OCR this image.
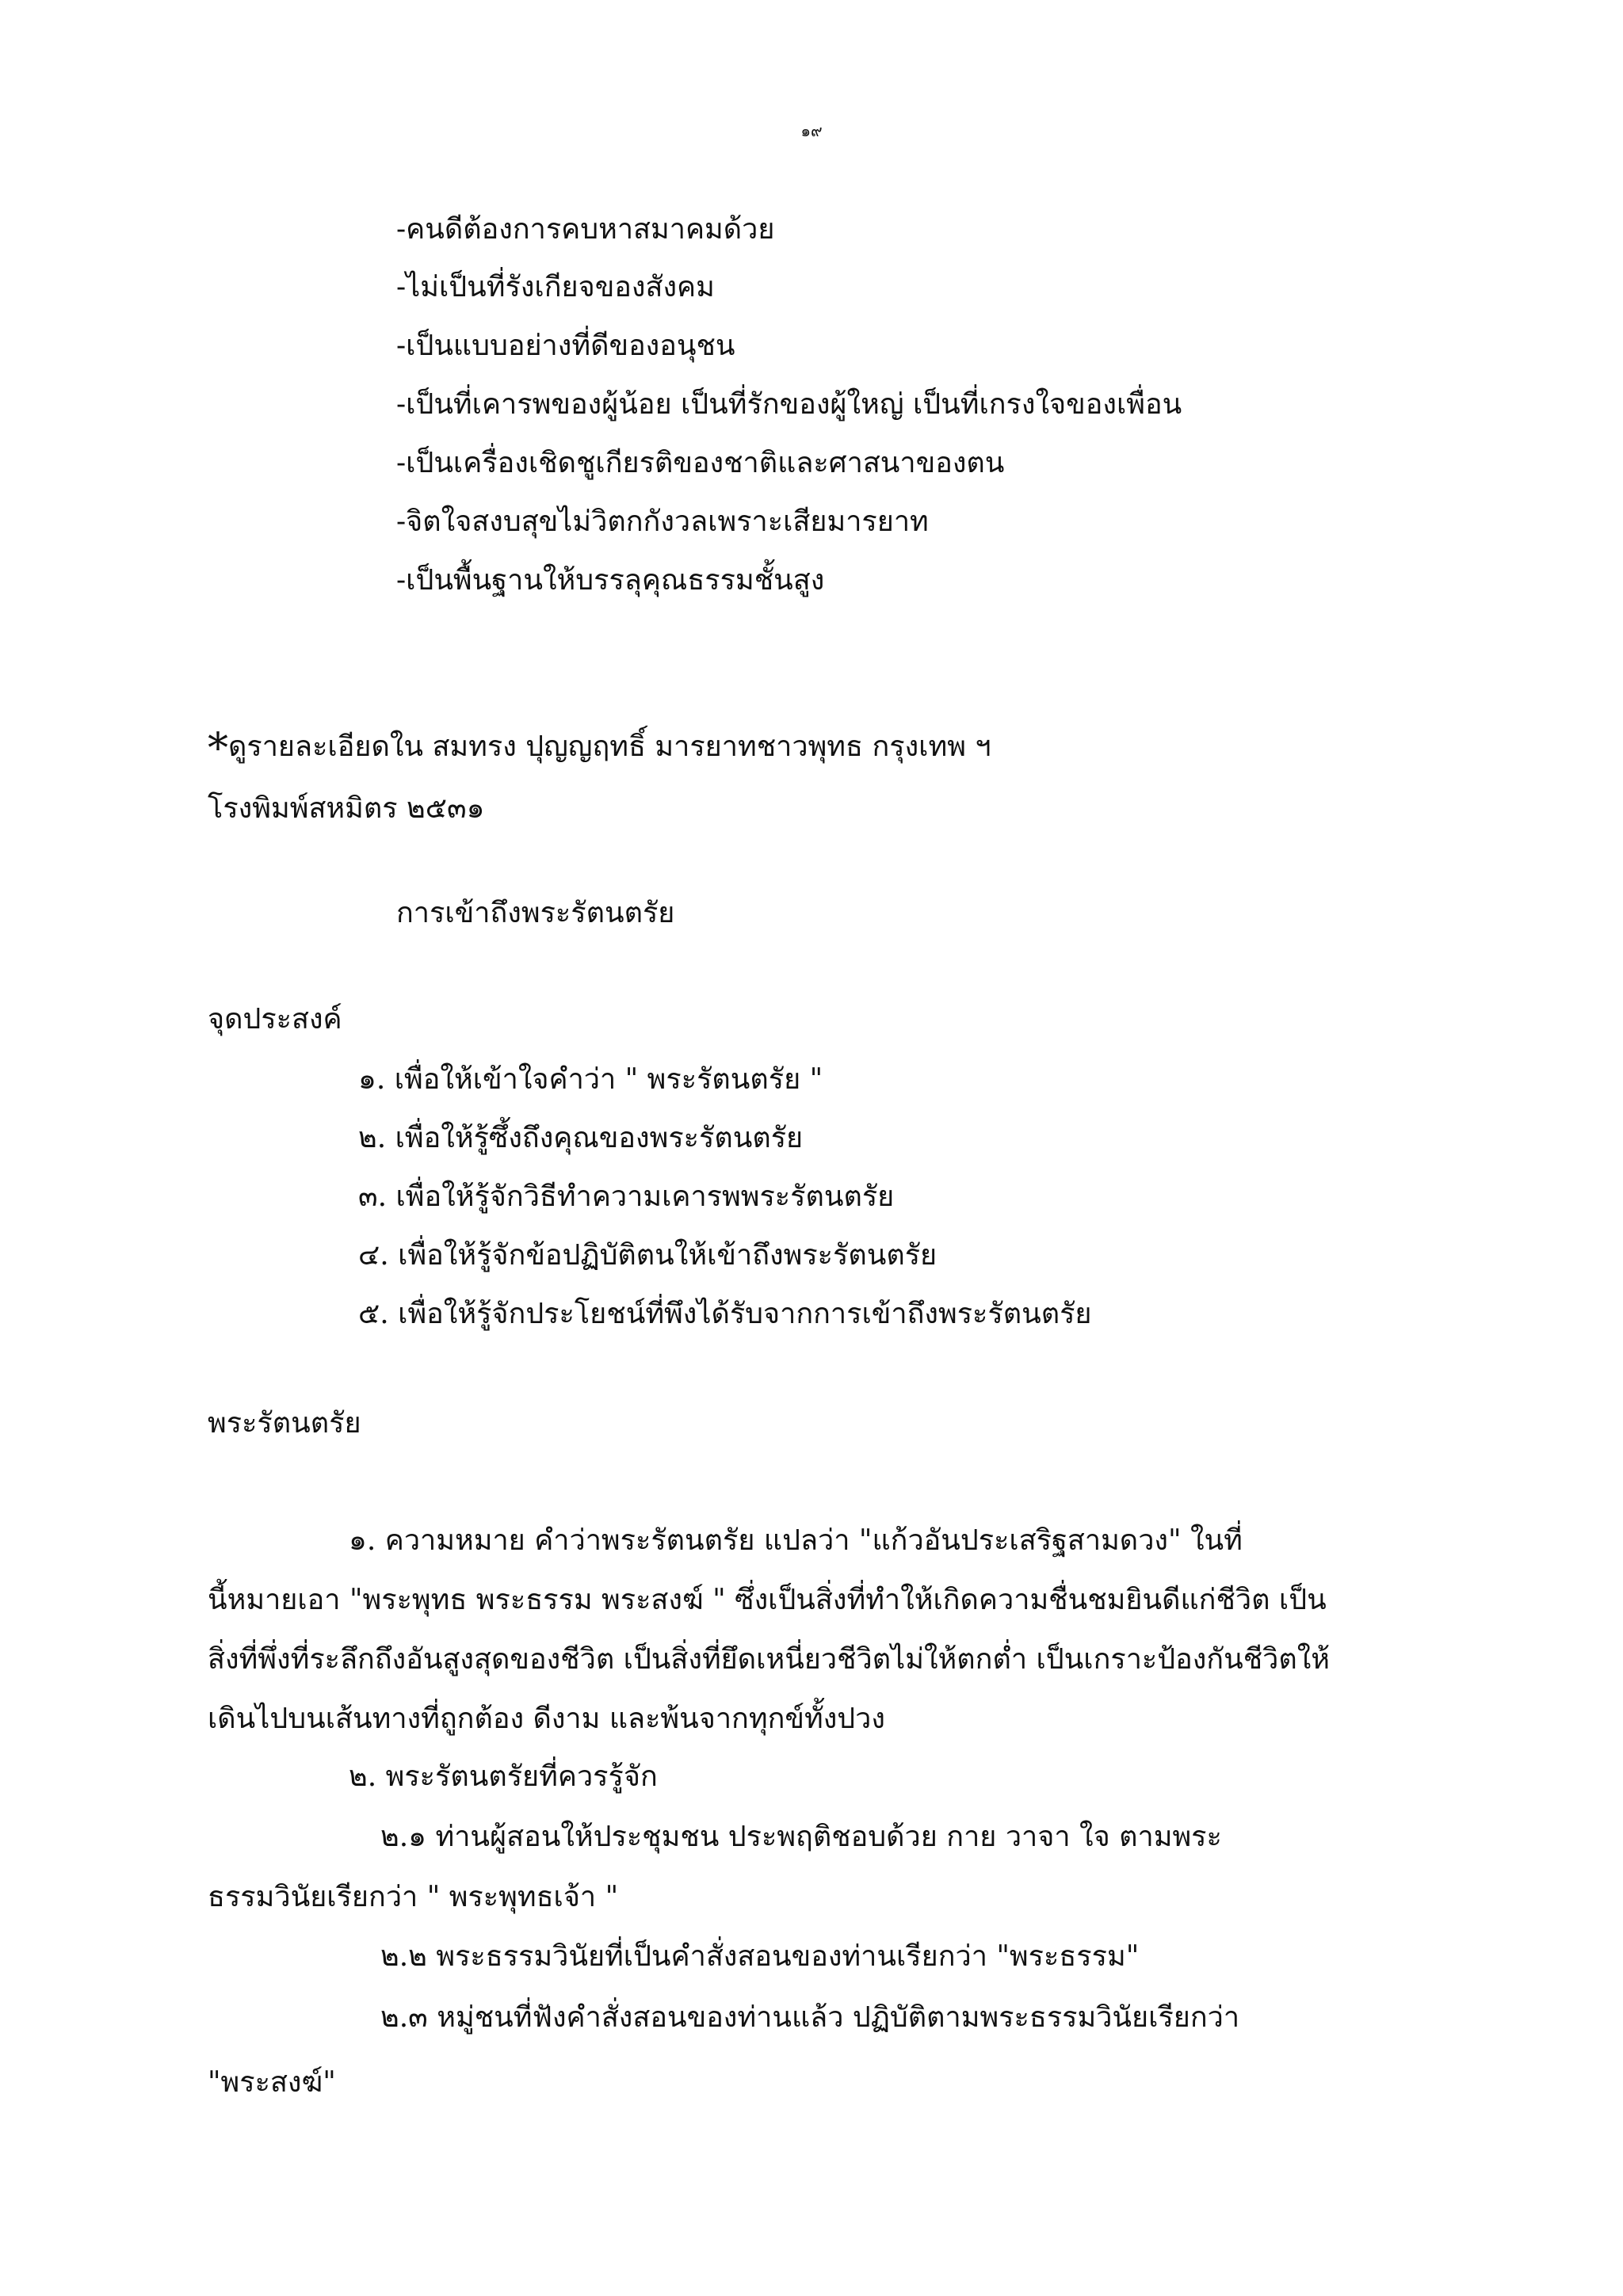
๑๙

-คนดีต้องการคบหาสมาคมด้วย

-ไม่เป็นที่รังเกียจของสังคม

-เป็นแบบอย่างที่ดีของอนุชน

-เป็นที่เคารพของผู้น้อย เป็นที่รักของผู้ใหญ่ เป็นที่เกรงใจของเพื่อน

-เป็นเครื่องเชิดชูเกียรติของชาติและศาสนาของตน

-จิตใจสงบสุขไม่วิตกกังวลเพราะเสียมารยาท

-เป็นพื้นฐานให้บรรลุคุณธรรมชั้นสูง

*ดูรายละเอียดใน สมทรง ปุญญฤทธิ์ มารยาทชาวพุทธ กรุงเทพ ฯ

โรงพิมพ์สหมิตร ๒๕๓๑

การเข้าถึงพระรัตนตรัย
จุดประสงค์

๑. เพื่อให้เข้าใจคำว่า " พระรัตนตรัย "

๒. เพื่อให้รู้ซึ้งถึงคุณของพระรัตนตรัย

๓. เพื่อให้รู้จักวิธีทำความเคารพพระรัตนตรัย

๔. เพื่อให้รู้จักข้อปฏิบัติตนให้เข้าถึงพระรัตนตรัย

๕. เพื่อให้รู้จักประโยชน์ที่พึงได้รับจากการเข้าถึงพระรัตนตรัย

พระรัตนตรัย

๑. ความหมาย คำว่าพระรัตนตรัย แปลว่า "แก้วอันประเสริฐสามดวง" ในที่

นี้หมายเอา "พระพุทธ พระธรรม พระสงฆ์ " ซึ่งเป็นสิ่งที่ทำให้เกิดความชื่นชมยินดีแก่ชีวิต เป็น

สิ่งที่พึ่งที่ระลึกถึงอันสูงสุดของชีวิต เป็นสิ่งที่ยึดเหนี่ยวชีวิตไม่ให้ตกต่ำ เป็นเกราะป้องกันชีวิตให้

เดินไปบนเส้นทางที่ถูกต้อง ดีงาม และพ้นจากทุกข์ทั้งปวง

๒. พระรัตนตรัยที่ควรรู้จัก

๒.๑ ท่านผู้สอนให้ประชุมชน ประพฤติชอบด้วย กาย วาจา ใจ ตามพระ

ธรรมวินัยเรียกว่า " พระพุทธเจ้า "

๒.๒ พระธรรมวินัยที่เป็นคำสั่งสอนของท่านเรียกว่า "พระธรรม"

๒.๓ หมู่ชนที่ฟังคำสั่งสอนของท่านแล้ว ปฏิบัติตามพระธรรมวินัยเรียกว่า

"พระสงฆ์"
